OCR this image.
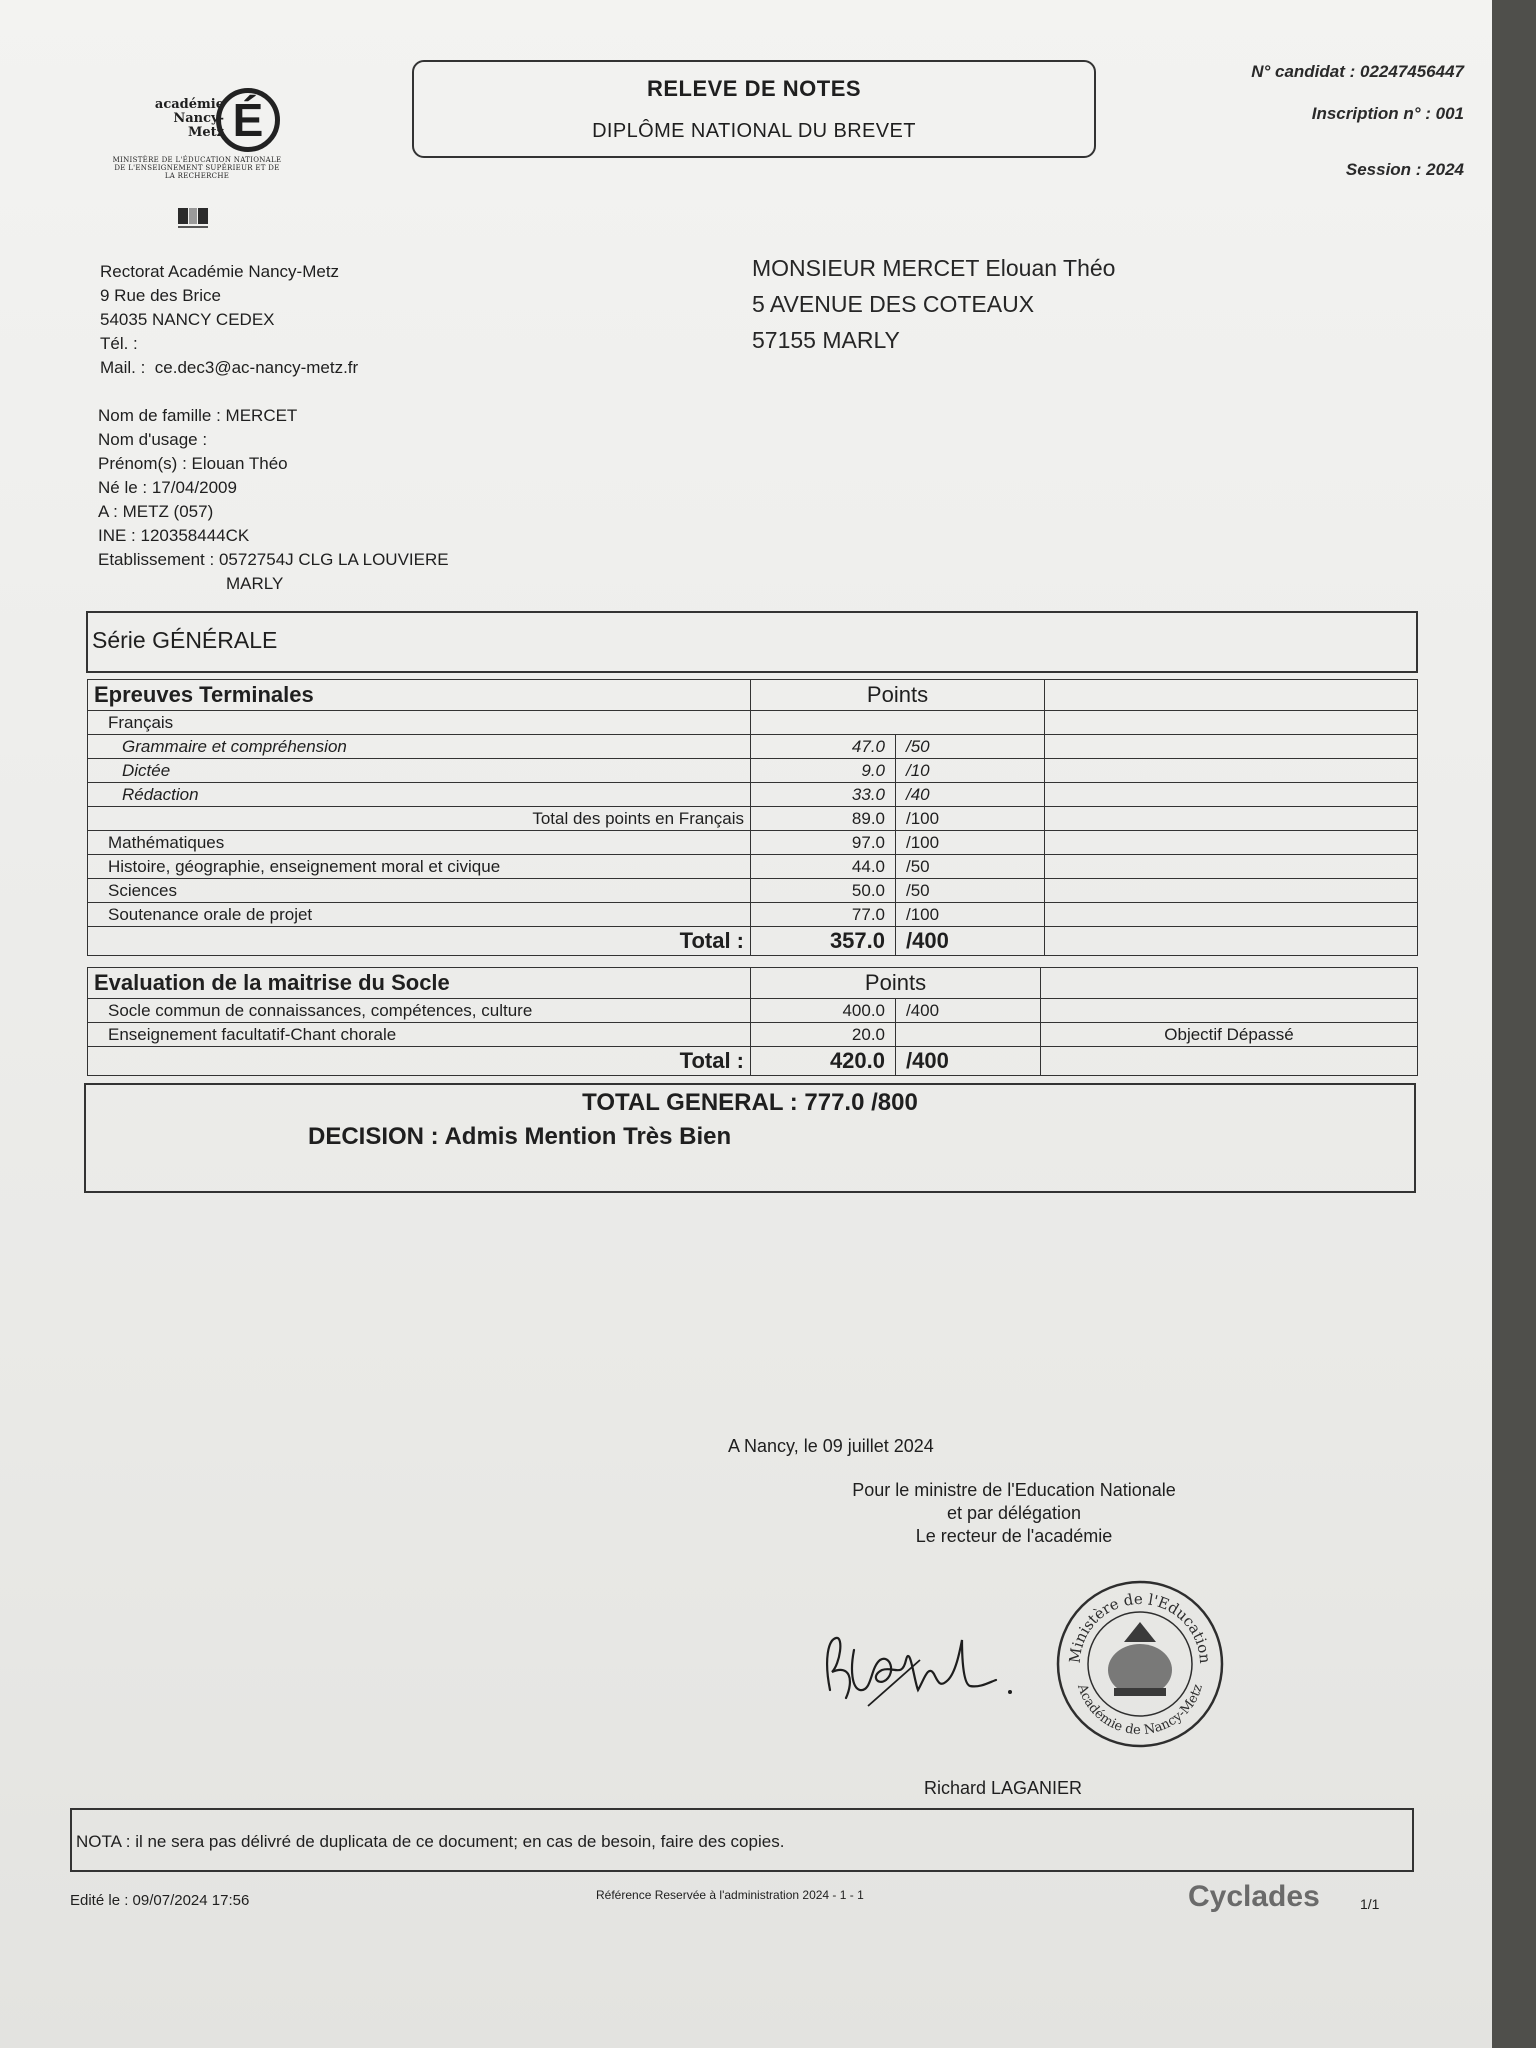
académie Nancy-Metz É
MINISTÈRE DE L'ÉDUCATION NATIONALE DE L'ENSEIGNEMENT SUPÉRIEUR ET DE LA RECHERCHE
RELEVE DE NOTES
DIPLÔME NATIONAL DU BREVET
N° candidat : 02247456447
Inscription n° : 001
Session : 2024
Rectorat Académie Nancy-Metz
9 Rue des Brice
54035 NANCY CEDEX
Tél. :
Mail. : ce.dec3@ac-nancy-metz.fr
MONSIEUR MERCET Elouan Théo
5 AVENUE DES COTEAUX
57155 MARLY
Nom de famille : MERCET
Nom d'usage :
Prénom(s) : Elouan Théo
Né le : 17/04/2009
A : METZ (057)
INE : 120358444CK
Etablissement : 0572754J CLG LA LOUVIERE
MARLY
Série GÉNÉRALE
Epreuves Terminales	Points		
Français			
Grammaire et compréhension	47.0	/50	
Dictée	9.0	/10	
Rédaction	33.0	/40	
Total des points en Français	89.0	/100	
Mathématiques	97.0	/100	
Histoire, géographie, enseignement moral et civique	44.0	/50	
Sciences	50.0	/50	
Soutenance orale de projet	77.0	/100	
Total :	357.0	/400	
Evaluation de la maitrise du Socle	Points		
Socle commun de connaissances, compétences, culture	400.0	/400	
Enseignement facultatif-Chant chorale	20.0		Objectif Dépassé
Total :	420.0	/400	
TOTAL GENERAL : 777.0 /800
DECISION : Admis Mention Très Bien
A Nancy, le 09 juillet 2024
Pour le ministre de l'Education Nationale
et par délégation
Le recteur de l'académie
Ministère de l'Education
Académie de Nancy-Metz
Richard LAGANIER
NOTA : il ne sera pas délivré de duplicata de ce document; en cas de besoin, faire des copies.
Edité le : 09/07/2024 17:56	Référence Reservée à l'administration 2024 - 1 - 1	Cyclades	1/1
